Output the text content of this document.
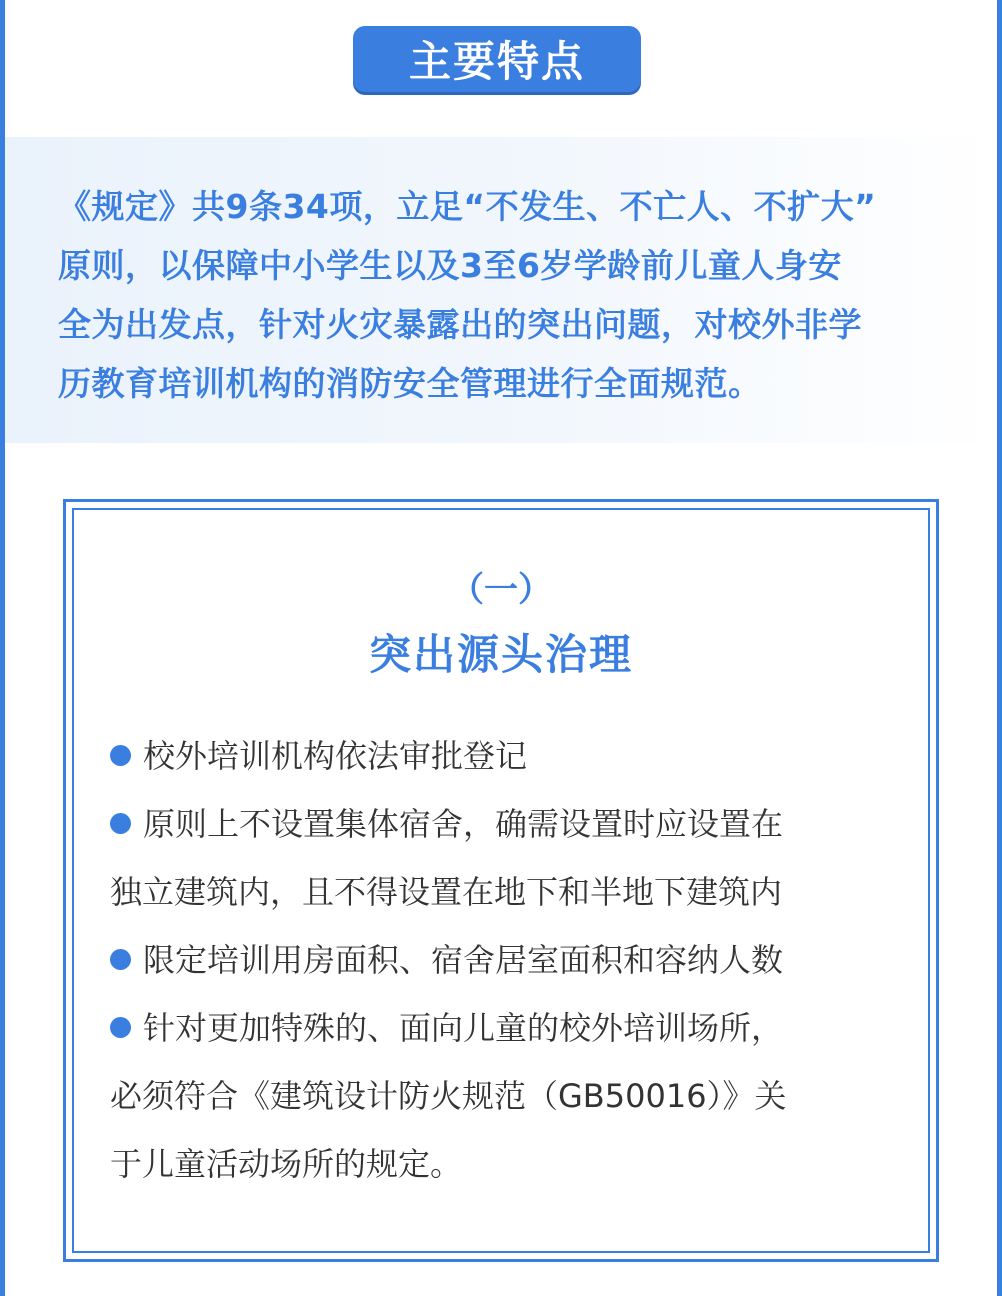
主要特点
《规定》共9条34项，立足“不发生、不亡人、不扩大”
原则，以保障中小学生以及3至6岁学龄前儿童人身安
全为出发点，针对火灾暴露出的突出问题，对校外非学
历教育培训机构的消防安全管理进行全面规范。
（一）
突出源头治理
校外培训机构依法审批登记
原则上不设置集体宿舍，确需设置时应设置在
独立建筑内，且不得设置在地下和半地下建筑内
限定培训用房面积、宿舍居室面积和容纳人数
针对更加特殊的、面向儿童的校外培训场所，
必须符合《建筑设计防火规范（GB50016）》关
于儿童活动场所的规定。
